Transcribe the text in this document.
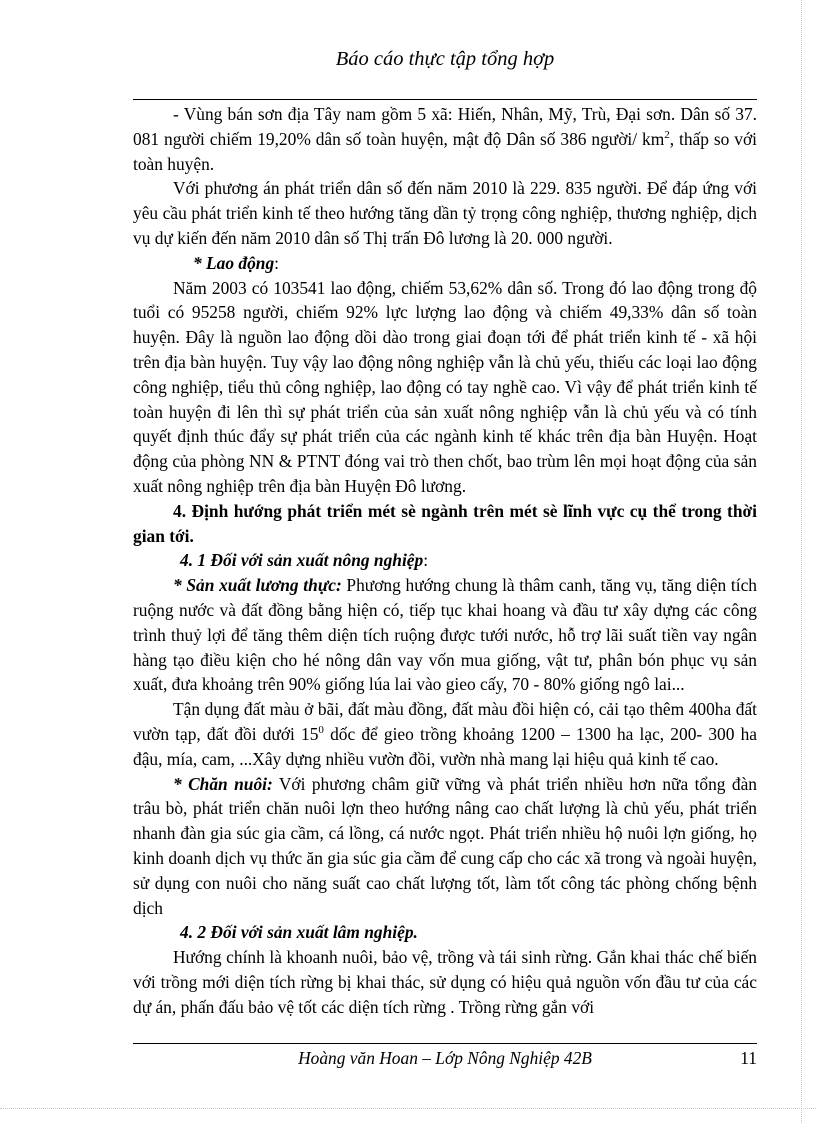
Báo cáo thực tập tổng hợp

- Vùng bán sơn địa Tây nam gồm 5 xã: Hiến, Nhân, Mỹ, Trù, Đại sơn. Dân số 37. 081 người chiếm 19,20% dân số toàn huyện, mật độ Dân số 386 người/ $km^2$, thấp so với toàn huyện.

Với phương án phát triển dân số đến năm 2010 là 229. 835 người. Để đáp ứng với yêu cầu phát triển kinh tế theo hướng tăng dần tỷ trọng công nghiệp, thương nghiệp, dịch vụ dự kiến đến năm 2010 dân số Thị trấn Đô lương là 20. 000 người.

* Lao động:

Năm 2003 có 103541 lao động, chiếm 53,62% dân số. Trong đó lao động trong độ tuổi có 95258 người, chiếm 92% lực lượng lao động và chiếm 49,33% dân số toàn huyện. Đây là nguồn lao động dồi dào trong giai đoạn tới để phát triển kinh tế - xã hội trên địa bàn huyện. Tuy vậy lao động nông nghiệp vẫn là chủ yếu, thiếu các loại lao động công nghiệp, tiểu thủ công nghiệp, lao động có tay nghề cao. Vì vậy để phát triển kinh tế toàn huyện đi lên thì sự phát triển của sản xuất nông nghiệp vẫn là chủ yếu và có tính quyết định thúc đẩy sự phát triển của các ngành kinh tế khác trên địa bàn Huyện. Hoạt động của phòng NN & PTNT đóng vai trò then chốt, bao trùm lên mọi hoạt động của sản xuất nông nghiệp trên địa bàn Huyện Đô lương.

4. Định hướng phát triển mét sè ngành trên mét sè lĩnh vực cụ thể trong thời gian tới.

4. 1 Đối với sản xuất nông nghiệp:

* Sản xuất lương thực: Phương hướng chung là thâm canh, tăng vụ, tăng diện tích ruộng nước và đất đồng bằng hiện có, tiếp tục khai hoang và đầu tư xây dựng các công trình thuỷ lợi để tăng thêm diện tích ruộng được tưới nước, hỗ trợ lãi suất tiền vay ngân hàng tạo điều kiện cho hé nông dân vay vốn mua giống, vật tư, phân bón phục vụ sản xuất, đưa khoảng trên 90% giống lúa lai vào gieo cấy, 70 - 80% giống ngô lai...

Tận dụng đất màu ở bãi, đất màu đồng, đất màu đồi hiện có, cải tạo thêm 400ha đất vườn tạp, đất đồi dưới $15^0$ dốc để gieo trồng khoảng 1200 – 1300 ha lạc, 200- 300 ha đậu, mía, cam, ...Xây dựng nhiều vườn đồi, vườn nhà mang lại hiệu quả kinh tế cao.

* Chăn nuôi: Với phương châm giữ vững và phát triển nhiều hơn nữa tổng đàn trâu bò, phát triển chăn nuôi lợn theo hướng nâng cao chất lượng là chủ yếu, phát triển nhanh đàn gia súc gia cầm, cá lồng, cá nước ngọt. Phát triển nhiều hộ nuôi lợn giống, họ kinh doanh dịch vụ thức ăn gia súc gia cầm để cung cấp cho các xã trong và ngoài huyện, sử dụng con nuôi cho năng suất cao chất lượng tốt, làm tốt công tác phòng chống bệnh dịch

4. 2 Đối với sản xuất lâm nghiệp.

Hướng chính là khoanh nuôi, bảo vệ, trồng và tái sinh rừng. Gắn khai thác chế biến với trồng mới diện tích rừng bị khai thác, sử dụng có hiệu quả nguồn vốn đầu tư của các dự án, phấn đấu bảo vệ tốt các diện tích rừng . Trồng rừng gắn với

Hoàng văn Hoan – Lớp Nông Nghiệp 42B	11
